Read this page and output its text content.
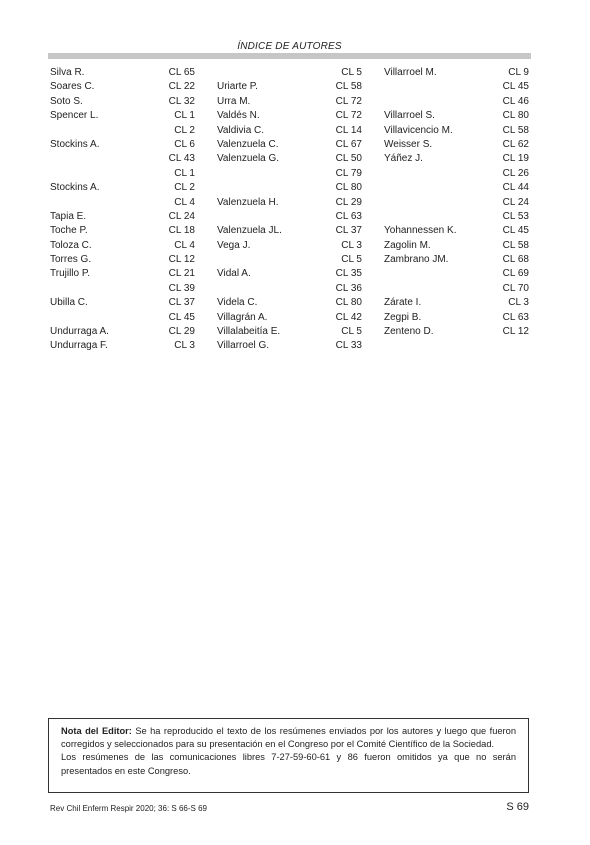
ÍNDICE DE AUTORES
Silva R.	CL 65
Soares C.	CL 22
Soto S.	CL 32
Spencer L.	CL 1
CL 2
Stockins A.	CL 6
CL 43
CL 1
Stockins A.	CL 2
CL 4
Tapia E.	CL 24
Toche P.	CL 18
Toloza C.	CL 4
Torres G.	CL 12
Trujillo P.	CL 21
CL 39
Ubilla C.	CL 37
CL 45
Undurraga A.	CL 29
Undurraga F.	CL 3
CL 5
Uriarte P.	CL 58
Urra M.	CL 72
Valdés N.	CL 72
Valdivia C.	CL 14
Valenzuela C.	CL 67
Valenzuela G.	CL 50
CL 79
CL 80
Valenzuela H.	CL 29
CL 63
Valenzuela JL.	CL 37
Vega J.	CL 3
CL 5
Vidal A.	CL 35
CL 36
Videla C.	CL 80
Villagrán A.	CL 42
Villalabeitía E.	CL 5
Villarroel G.	CL 33
Villarroel M.	CL 9
CL 45
CL 46
Villarroel S.	CL 80
Villavicencio M.	CL 58
Weisser S.	CL 62
Yáñez J.	CL 19
CL 26
CL 44
CL 24
CL 53
Yohannessen K.	CL 45
Zagolin M.	CL 58
Zambrano JM.	CL 68
CL 69
CL 70
Zárate I.	CL 3
Zegpi B.	CL 63
Zenteno D.	CL 12

Nota del Editor: Se ha reproducido el texto de los resúmenes enviados por los autores y luego que fueron corregidos y seleccionados para su presentación en el Congreso por el Comité Científico de la Sociedad.

Los resúmenes de las comunicaciones libres 7-27-59-60-61 y 86 fueron omitidos ya que no serán presentados en este Congreso.

Rev Chil Enferm Respir 2020; 36: S 66-S 69	S 69
